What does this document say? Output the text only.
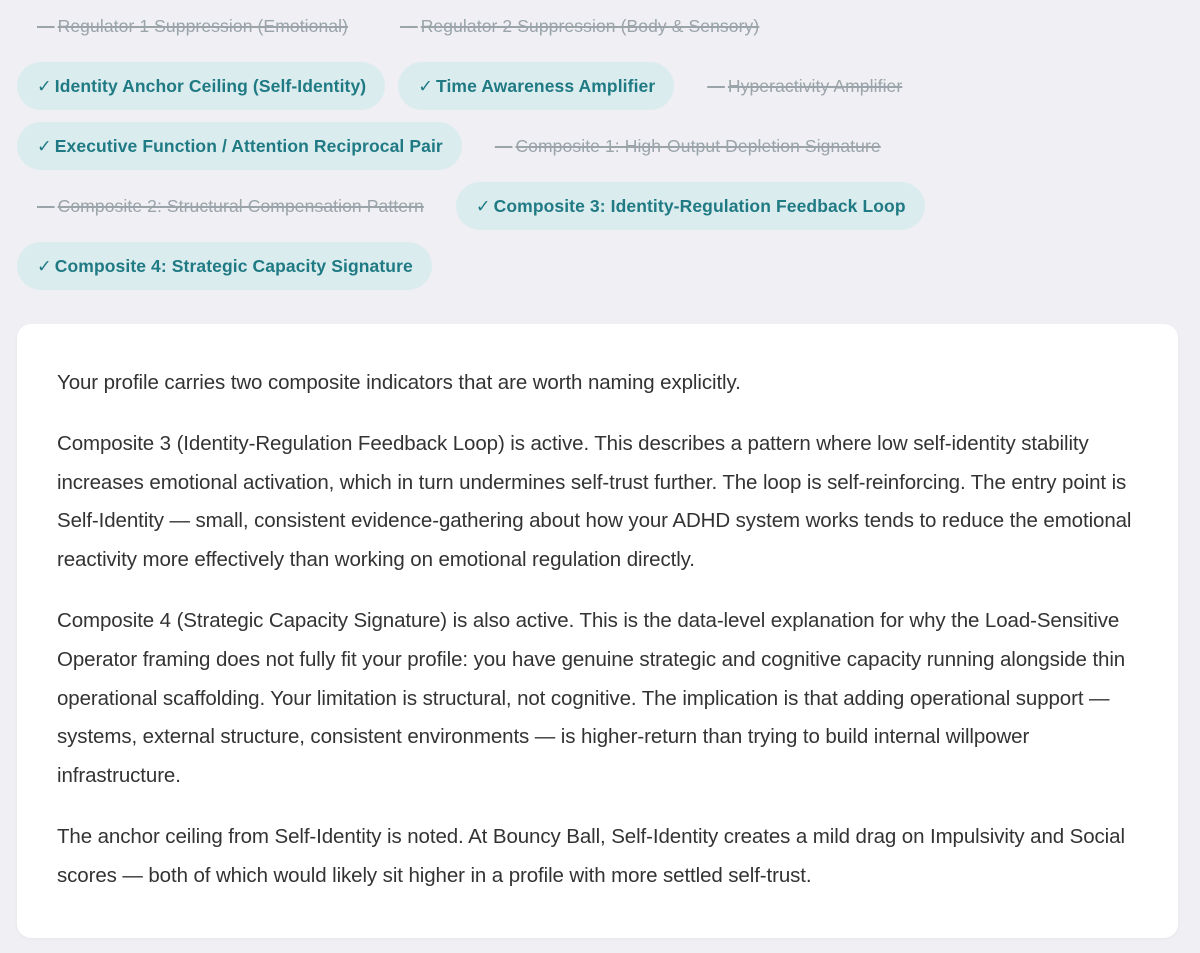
— Regulator 1 Suppression (Emotional)	— Regulator 2 Suppression (Body & Sensory)
✓ Identity Anchor Ceiling (Self-Identity)	✓ Time Awareness Amplifier	— Hyperactivity Amplifier
✓ Executive Function / Attention Reciprocal Pair	— Composite 1: High-Output Depletion Signature
— Composite 2: Structural Compensation Pattern	✓ Composite 3: Identity-Regulation Feedback Loop
✓ Composite 4: Strategic Capacity Signature

Your profile carries two composite indicators that are worth naming explicitly.

Composite 3 (Identity-Regulation Feedback Loop) is active. This describes a pattern where low self-identity stability increases emotional activation, which in turn undermines self-trust further. The loop is self-reinforcing. The entry point is Self-Identity — small, consistent evidence-gathering about how your ADHD system works tends to reduce the emotional reactivity more effectively than working on emotional regulation directly.

Composite 4 (Strategic Capacity Signature) is also active. This is the data-level explanation for why the Load-Sensitive Operator framing does not fully fit your profile: you have genuine strategic and cognitive capacity running alongside thin operational scaffolding. Your limitation is structural, not cognitive. The implication is that adding operational support — systems, external structure, consistent environments — is higher-return than trying to build internal willpower infrastructure.

The anchor ceiling from Self-Identity is noted. At Bouncy Ball, Self-Identity creates a mild drag on Impulsivity and Social scores — both of which would likely sit higher in a profile with more settled self-trust.
